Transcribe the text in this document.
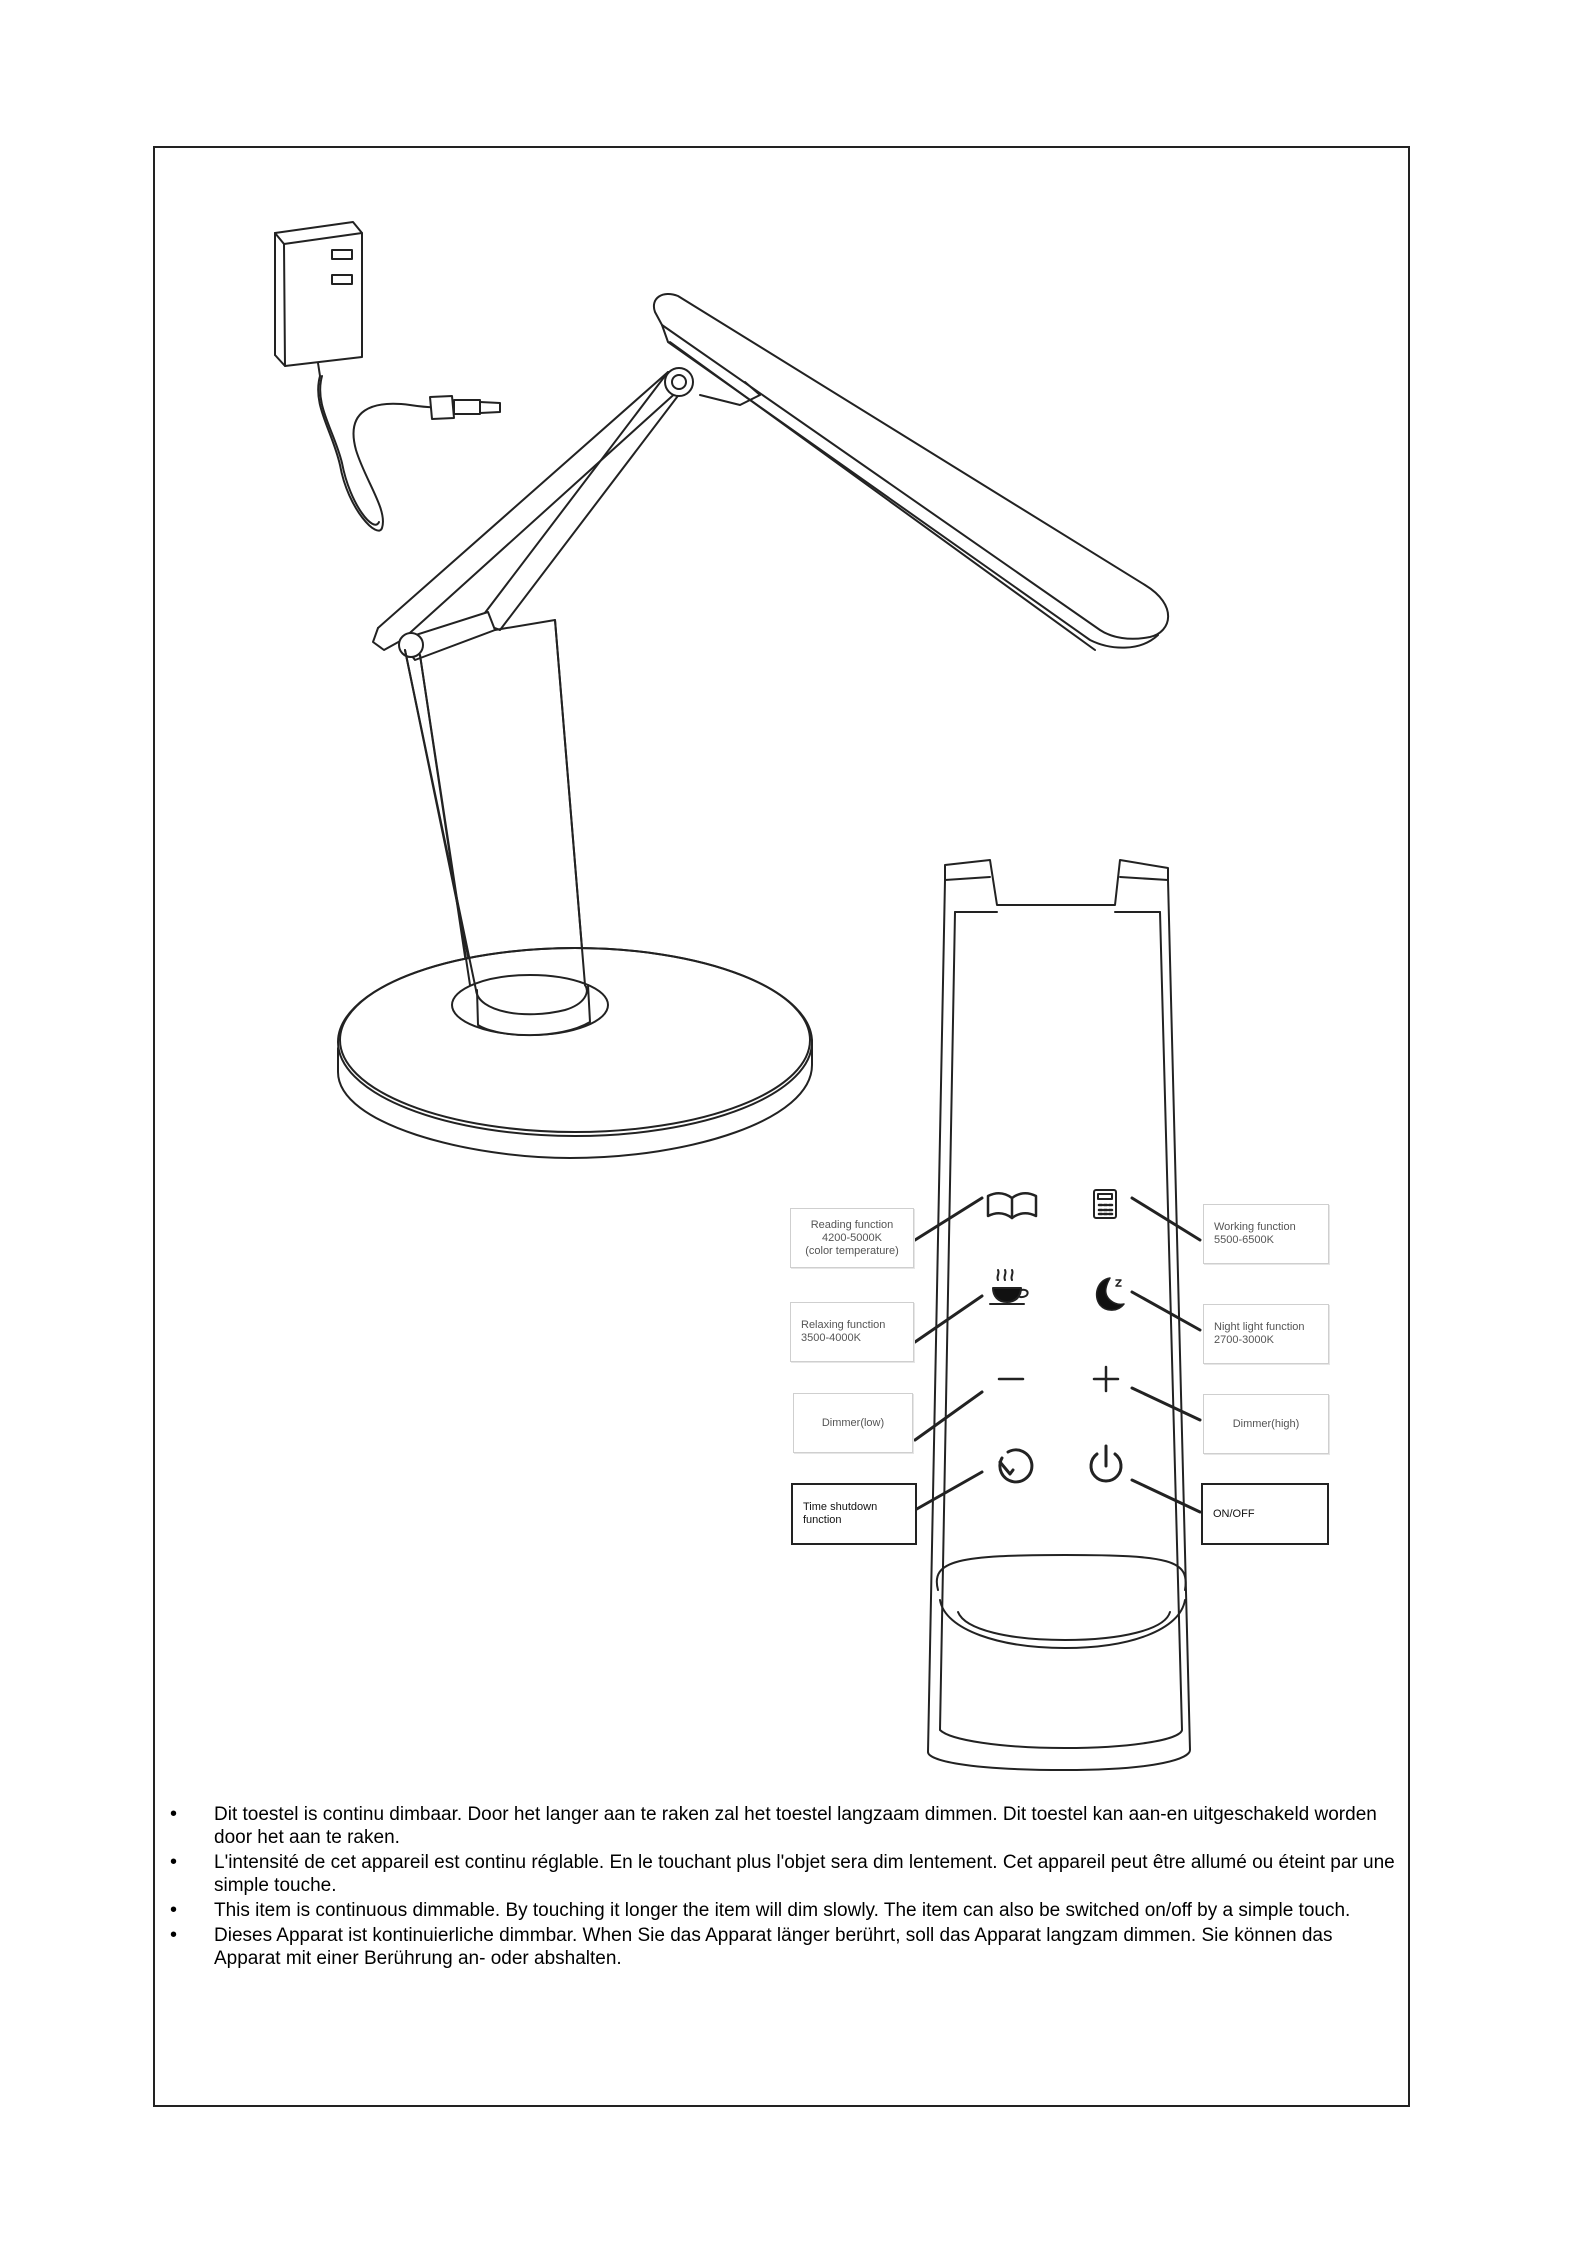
Reading function
4200-5000K
(color temperature)
Working function
5500-6500K
Relaxing function
3500-4000K
Night light function
2700-3000K
Dimmer(low)	Dimmer(high)
Time shutdown
function
ON/OFF
• Dit toestel is continu dimbaar. Door het langer aan te raken zal het toestel langzaam dimmen. Dit toestel kan aan-en uitgeschakeld worden door het aan te raken.
• L'intensité de cet appareil est continu réglable. En le touchant plus l'objet sera dim lentement. Cet appareil peut être allumé ou éteint par une simple touche.
• This item is continuous dimmable. By touching it longer the item will dim slowly. The item can also be switched on/off by a simple touch.
• Dieses Apparat ist kontinuierliche dimmbar. When Sie das Apparat länger berührt, soll das Apparat langzam dimmen. Sie können das Apparat mit einer Berührung an- oder abshalten.
